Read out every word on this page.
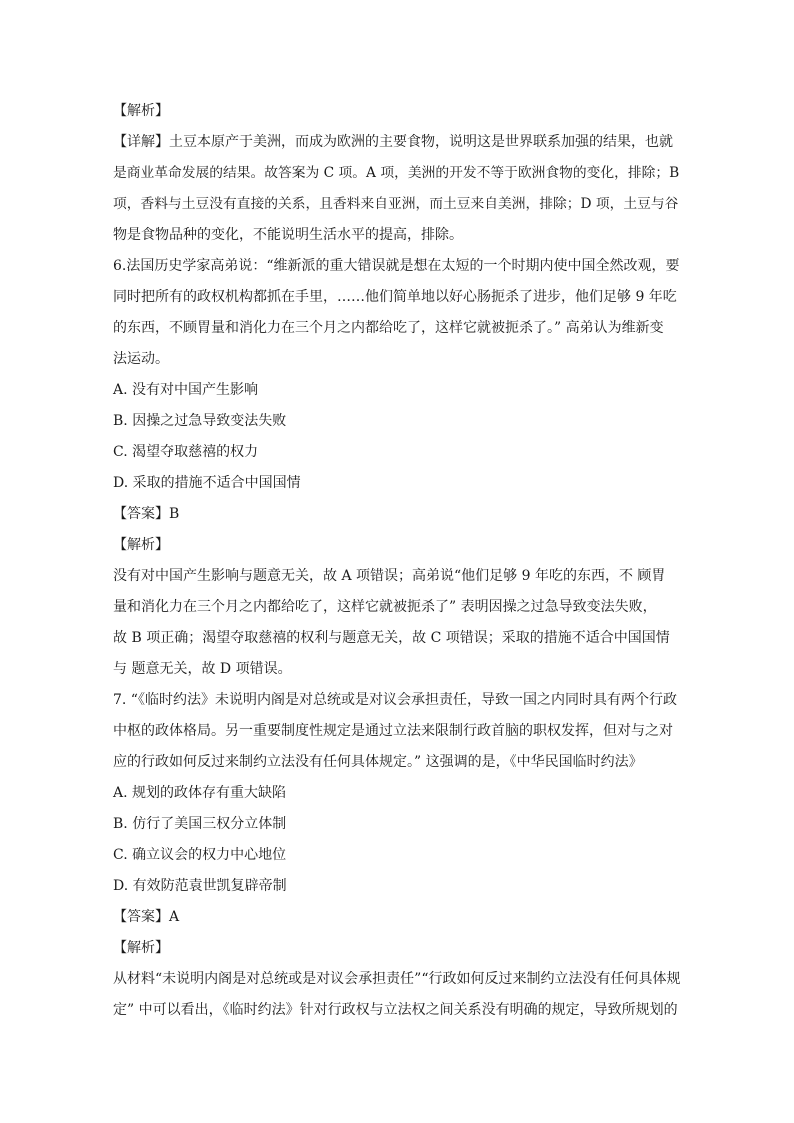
【解析】
【详解】土豆本原产于美洲，而成为欧洲的主要食物，说明这是世界联系加强的结果，也就
是商业革命发展的结果。故答案为 C 项。A 项，美洲的开发不等于欧洲食物的变化，排除；B
项，香料与土豆没有直接的关系，且香料来自亚洲，而土豆来自美洲，排除；D 项，土豆与谷
物是食物品种的变化，不能说明生活水平的提高，排除。
6.法国历史学家高弟说：“维新派的重大错误就是想在太短的一个时期内使中国全然改观，要
同时把所有的政权机构都抓在手里，……他们简单地以好心肠扼杀了进步，他们足够 9 年吃
的东西，不顾胃量和消化力在三个月之内都给吃了，这样它就被扼杀了。” 高弟认为维新变
法运动。
A. 没有对中国产生影响
B. 因操之过急导致变法失败
C. 渴望夺取慈禧的权力
D. 采取的措施不适合中国国情
【答案】B
【解析】
没有对中国产生影响与题意无关，故 A 项错误；高弟说“他们足够 9 年吃的东西，不 顾胃
量和消化力在三个月之内都给吃了，这样它就被扼杀了” 表明因操之过急导致变法失败，
故 B 项正确；渴望夺取慈禧的权利与题意无关，故 C 项错误；采取的措施不适合中国国情
与 题意无关，故 D 项错误。
7. “《临时约法》未说明内阁是对总统或是对议会承担责任，导致一国之内同时具有两个行政
中枢的政体格局。另一重要制度性规定是通过立法来限制行政首脑的职权发挥，但对与之对
应的行政如何反过来制约立法没有任何具体规定。” 这强调的是，《中华民国临时约法》
A. 规划的政体存有重大缺陷
B. 仿行了美国三权分立体制
C. 确立议会的权力中心地位
D. 有效防范袁世凯复辟帝制
【答案】A
【解析】
从材料“未说明内阁是对总统或是对议会承担责任”“行政如何反过来制约立法没有任何具体规
定” 中可以看出，《临时约法》针对行政权与立法权之间关系没有明确的规定，导致所规划的
